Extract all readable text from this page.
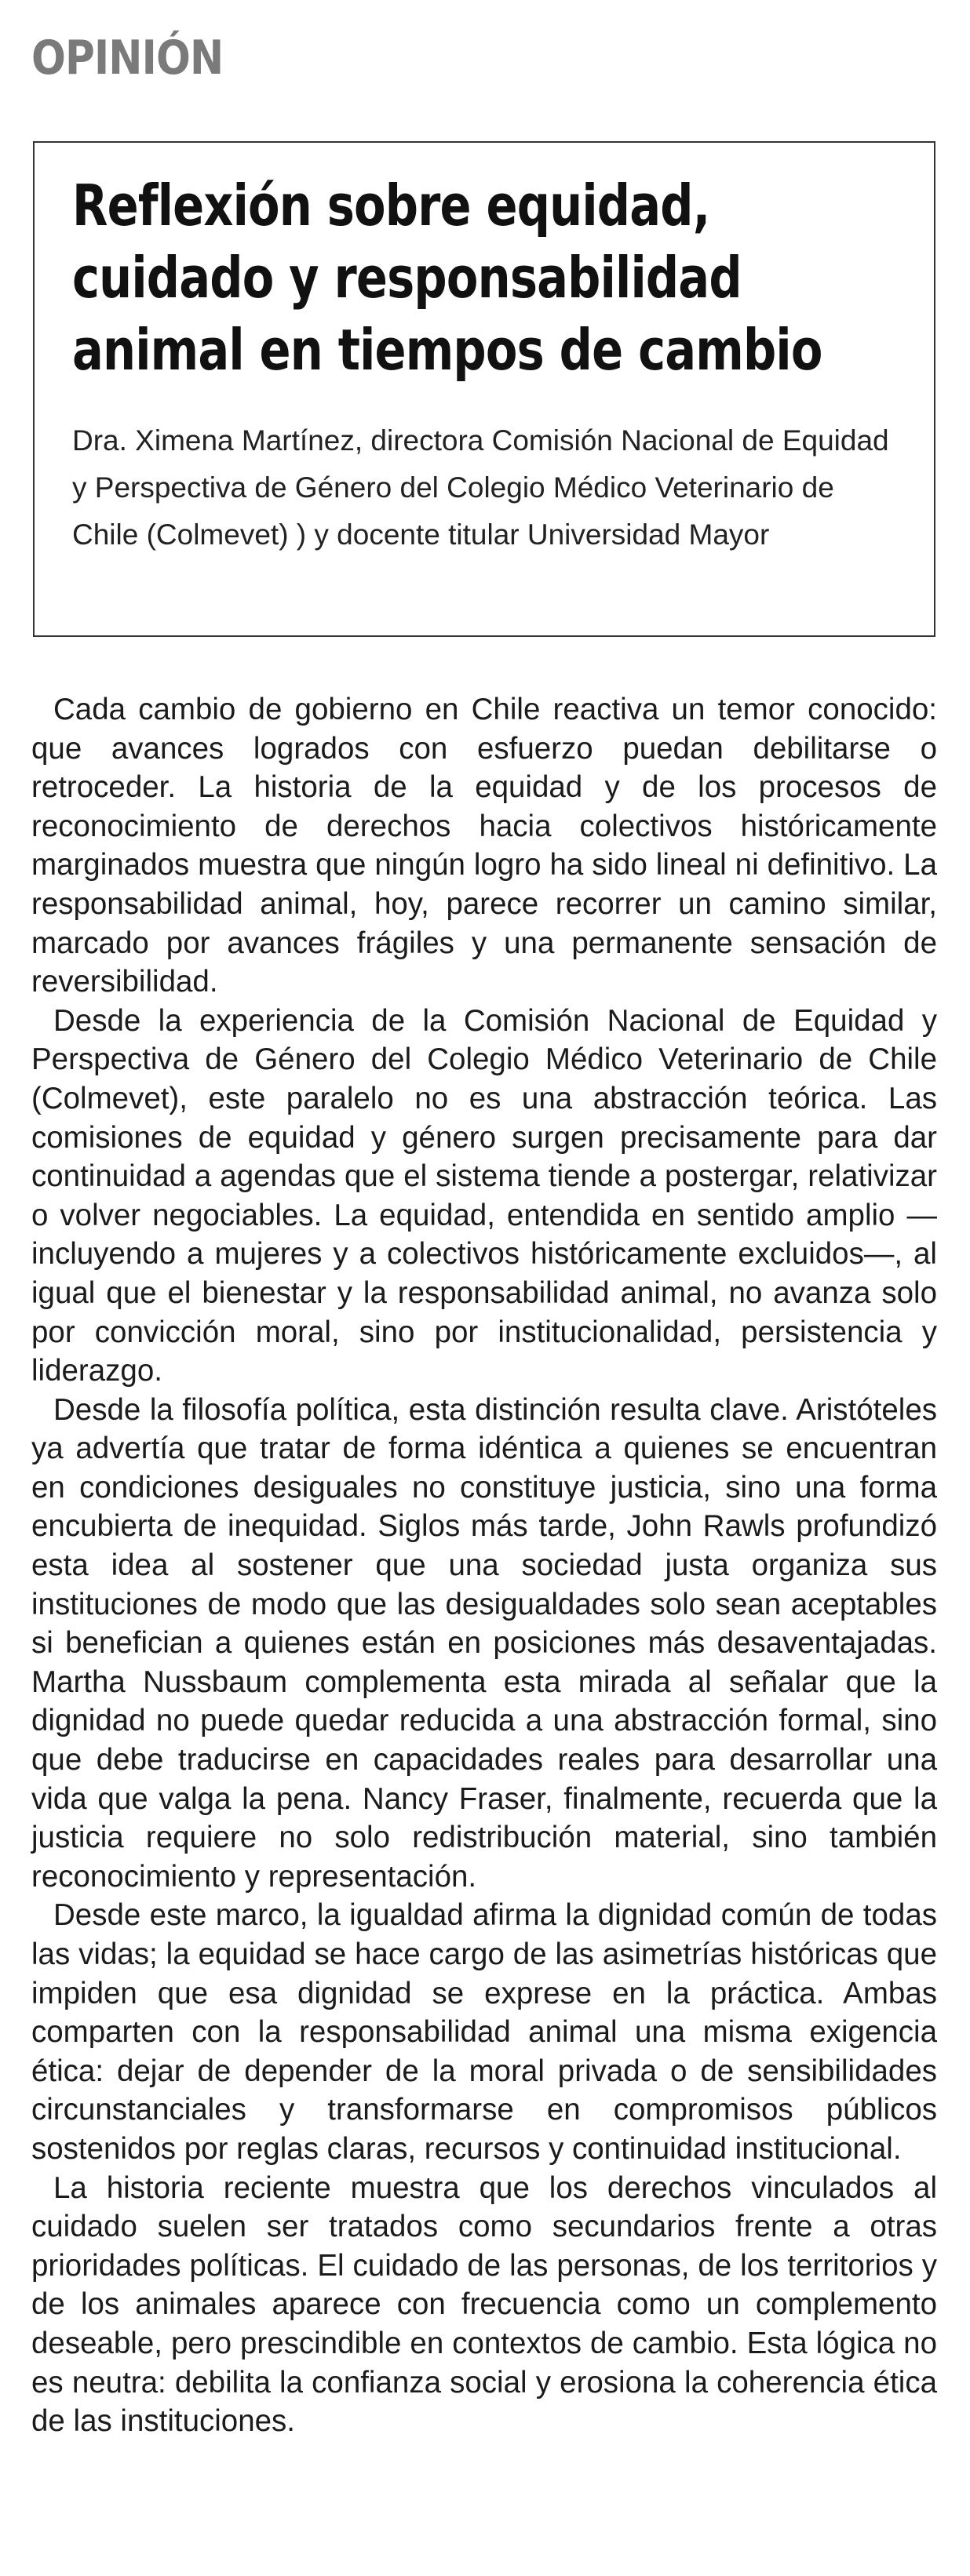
OPINIÓN
Reflexión sobre equidad,
cuidado y responsabilidad
animal en tiempos de cambio

Dra. Ximena Martínez, directora Comisión Nacional de Equidad y Perspectiva de Género del Colegio Médico Veterinario de Chile (Colmevet) ) y docente titular Universidad Mayor

Cada cambio de gobierno en Chile reactiva un temor conocido: que avances logrados con esfuerzo puedan debilitarse o retroceder. La historia de la equidad y de los procesos de reconocimiento de derechos hacia colectivos históricamente marginados muestra que ningún logro ha sido lineal ni definitivo. La responsabilidad animal, hoy, parece recorrer un camino similar, marcado por avances frágiles y una permanente sensación de reversibilidad.

Desde la experiencia de la Comisión Nacional de Equidad y Perspectiva de Género del Colegio Médico Veterinario de Chile (Colmevet), este paralelo no es una abstracción teórica. Las comisiones de equidad y género surgen precisamente para dar continuidad a agendas que el sistema tiende a postergar, relativizar o volver negociables. La equidad, entendida en sentido amplio —incluyendo a mujeres y a colectivos históricamente excluidos—, al igual que el bienestar y la responsabilidad animal, no avanza solo por convicción moral, sino por institucionalidad, persistencia y liderazgo.

Desde la filosofía política, esta distinción resulta clave. Aristóteles ya advertía que tratar de forma idéntica a quienes se encuentran en condiciones desiguales no constituye justicia, sino una forma encubierta de inequidad. Siglos más tarde, John Rawls profundizó esta idea al sostener que una sociedad justa organiza sus instituciones de modo que las desigualdades solo sean aceptables si benefician a quienes están en posiciones más desaventajadas. Martha Nussbaum complementa esta mirada al señalar que la dignidad no puede quedar reducida a una abstracción formal, sino que debe traducirse en capacidades reales para desarrollar una vida que valga la pena. Nancy Fraser, finalmente, recuerda que la justicia requiere no solo redistribución material, sino también reconocimiento y representación.

Desde este marco, la igualdad afirma la dignidad común de todas las vidas; la equidad se hace cargo de las asimetrías históricas que impiden que esa dignidad se exprese en la práctica. Ambas comparten con la responsabilidad animal una misma exigencia ética: dejar de depender de la moral privada o de sensibilidades circunstanciales y transformarse en compromisos públicos sostenidos por reglas claras, recursos y continuidad institucional.

La historia reciente muestra que los derechos vinculados al cuidado suelen ser tratados como secundarios frente a otras prioridades políticas. El cuidado de las personas, de los territorios y de los animales aparece con frecuencia como un complemento deseable, pero prescindible en contextos de cambio. Esta lógica no es neutra: debilita la confianza social y erosiona la coherencia ética de las instituciones.
